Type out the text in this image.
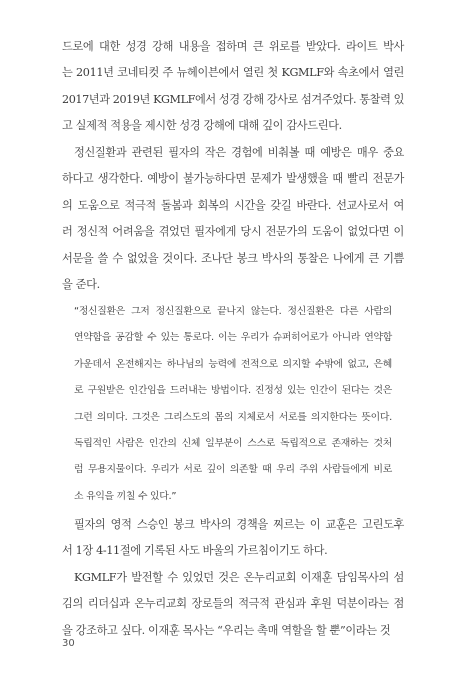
드로에 대한 성경 강해 내용을 접하며 큰 위로를 받았다. 라이트 박사
는 2011년 코네티컷 주 뉴헤이븐에서 열린 첫 KGMLF와 속초에서 열린
2017년과 2019년 KGMLF에서 성경 강해 강사로 섬겨주었다. 통찰력 있
고 실제적 적용을 제시한 성경 강해에 대해 깊이 감사드린다.
정신질환과 관련된 필자의 작은 경험에 비춰볼 때 예방은 매우 중요
하다고 생각한다. 예방이 불가능하다면 문제가 발생했을 때 빨리 전문가
의 도움으로 적극적 돌봄과 회복의 시간을 갖길 바란다. 선교사로서 여
러 정신적 어려움을 겪었던 필자에게 당시 전문가의 도움이 없었다면 이
서문을 쓸 수 없었을 것이다. 조나단 봉크 박사의 통찰은 나에게 큰 기쁨
을 준다.
“정신질환은 그저 정신질환으로 끝나지 않는다. 정신질환은 다른 사람의
연약함을 공감할 수 있는 통로다. 이는 우리가 슈퍼히어로가 아니라 연약함
가운데서 온전해지는 하나님의 능력에 전적으로 의지할 수밖에 없고, 은혜
로 구원받은 인간임을 드러내는 방법이다. 진정성 있는 인간이 된다는 것은
그런 의미다. 그것은 그리스도의 몸의 지체로서 서로를 의지한다는 뜻이다.
독립적인 사람은 인간의 신체 일부분이 스스로 독립적으로 존재하는 것처
럼 무용지물이다. 우리가 서로 깊이 의존할 때 우리 주위 사람들에게 비로
소 유익을 끼칠 수 있다.”
필자의 영적 스승인 봉크 박사의 경책을 찌르는 이 교훈은 고린도후
서 1장 4-11절에 기록된 사도 바울의 가르침이기도 하다.
KGMLF가 발전할 수 있었던 것은 온누리교회 이재훈 담임목사의 섬
김의 리더십과 온누리교회 장로들의 적극적 관심과 후원 덕분이라는 점
을 강조하고 싶다. 이재훈 목사는 “우리는 촉매 역할을 할 뿐”이라는 것
30
